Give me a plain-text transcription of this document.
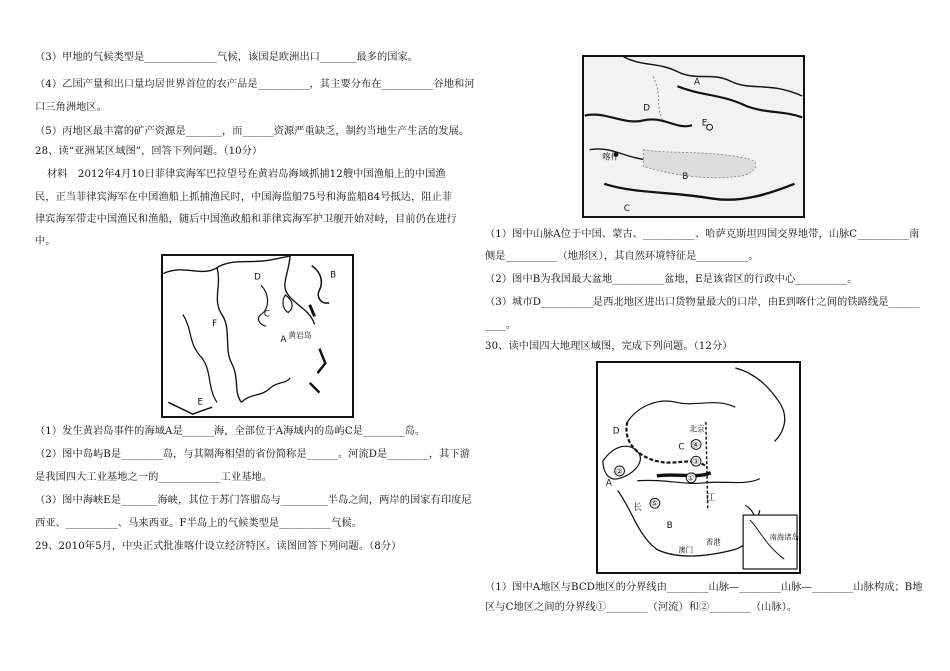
（3）甲地的气候类型是______________气候，该国是欧洲出口_______最多的国家。
（4）乙国产量和出口量均居世界首位的农产品是__________，其主要分布在__________谷地和河
口三角洲地区。
（5）丙地区最丰富的矿产资源是_______，而______资源严重缺乏，制约当地生产生活的发展。
28、读“亚洲某区域图”，回答下列问题。（10分）
材料　2012年4月10日菲律宾海军巴拉望号在黄岩岛海域抓捕12艘中国渔船上的中国渔
民，正当菲律宾海军在中国渔船上抓捕渔民时，中国海监船75号和海监船84号抵达，阻止菲
律宾海军带走中国渔民和渔船，随后中国渔政船和菲律宾海军护卫舰开始对峙，目前仍在进行
中。
D	B
C
F
A
E
黄岩岛
（1）发生黄岩岛事件的海域A是______海，全部位于A海域内的岛屿C是________岛。
（2）图中岛屿B是________岛，与其隔海相望的省份简称是______。河流D是________，其下游
是我国四大工业基地之一的____________工业基地。
（3）图中海峡E是_______海峡，其位于苏门答腊岛与_________半岛之间，两岸的国家有印度尼
西亚、__________、马来西亚。F半岛上的气候类型是__________气候。
29、2010年5月，中央正式批准喀什设立经济特区。读图回答下列问题。（8分）
A
D
E
喀什
B
C
（1）图中山脉A位于中国、蒙古、__________、哈萨克斯坦四国交界地带，山脉C__________南
侧是__________（地形区），其自然环境特征是__________。
（2）图中B为我国最大盆地__________盆地，E是该省区的行政中心__________。
（3）城市D__________是西北地区进出口货物量最大的口岸，由E到喀什之间的铁路线是______
____。
30、读中国四大地理区域图，完成下列问题。（12分）
北京
D
C
A
B
④
③
①
②
⑤
江
长
澳门
香港
南海诸岛
（1）图中A地区与BCD地区的分界线由________山脉—________山脉—________山脉构成；B地
区与C地区之间的分界线①________（河流）和②________（山脉）。
